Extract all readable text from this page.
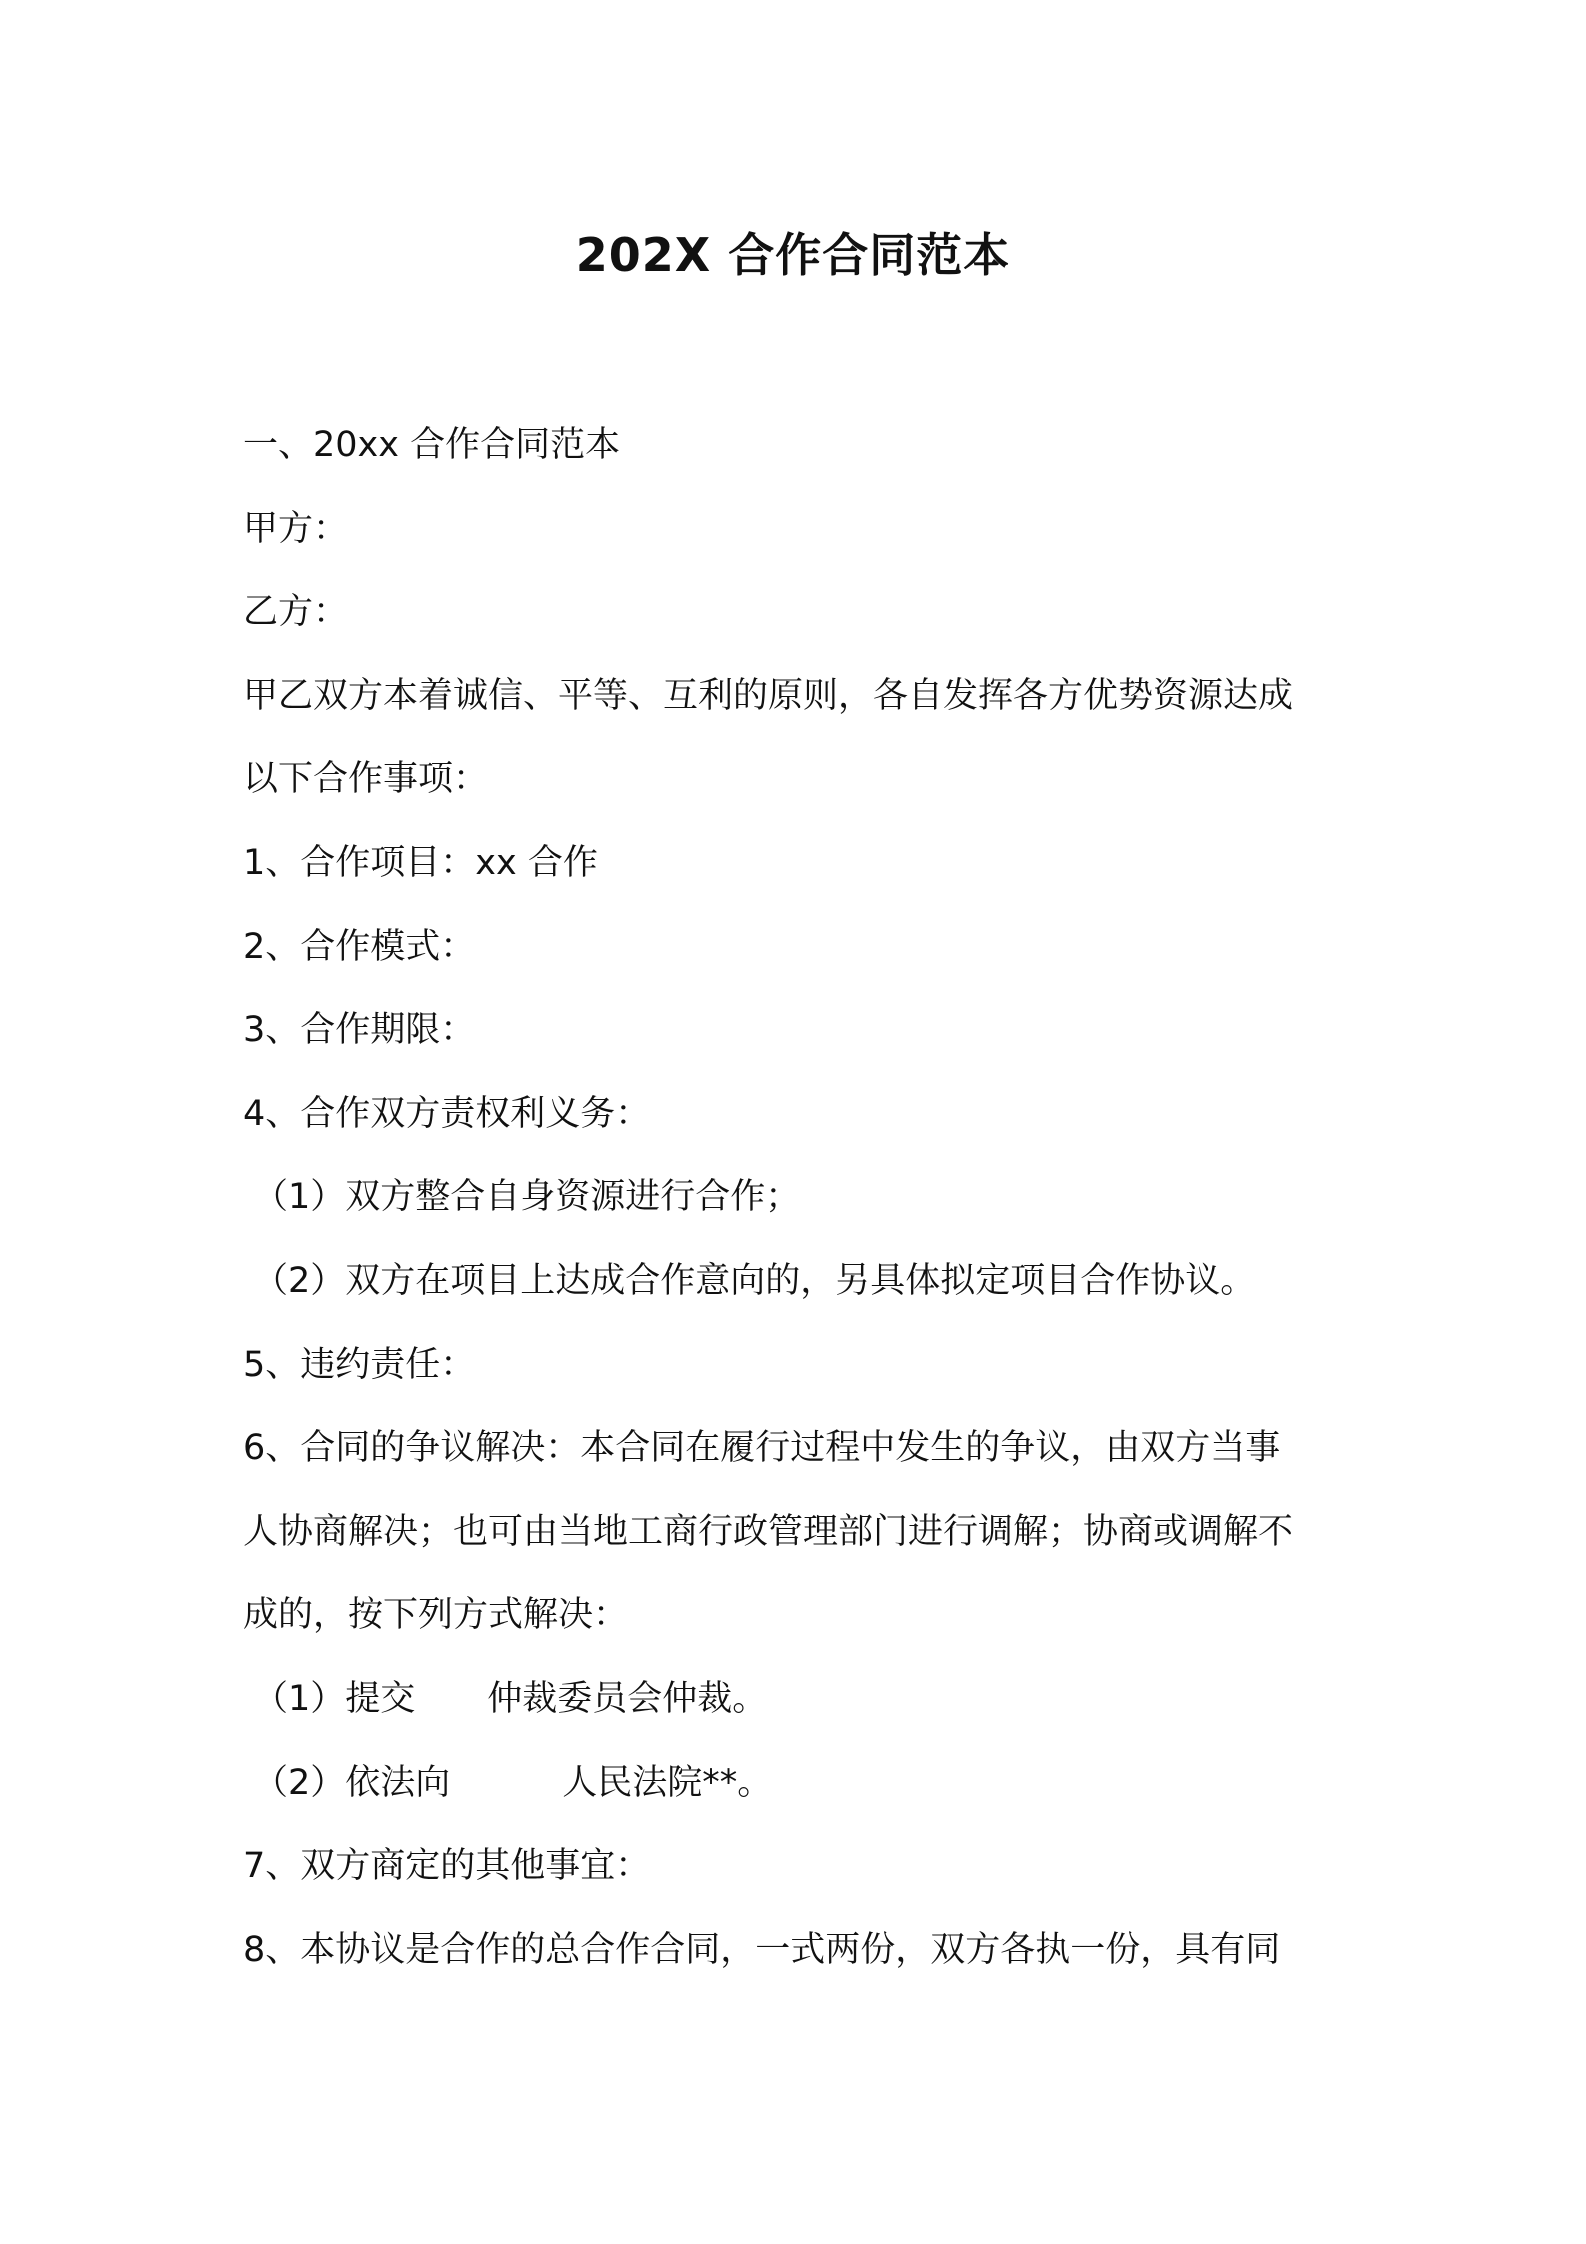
202X 合作合同范本
一、20xx 合作合同范本
甲方：
乙方：
甲乙双方本着诚信、平等、互利的原则，各自发挥各方优势资源达成
以下合作事项：
1、合作项目：xx 合作
2、合作模式：
3、合作期限：
4、合作双方责权利义务：
（1）双方整合自身资源进行合作；
（2）双方在项目上达成合作意向的，另具体拟定项目合作协议。
5、违约责任：
6、合同的争议解决：本合同在履行过程中发生的争议，由双方当事
人协商解决；也可由当地工商行政管理部门进行调解；协商或调解不
成的，按下列方式解决：
（1）提交 仲裁委员会仲裁。
（2）依法向	人民法院**。
7、双方商定的其他事宜：
8、本协议是合作的总合作合同，一式两份，双方各执一份，具有同
